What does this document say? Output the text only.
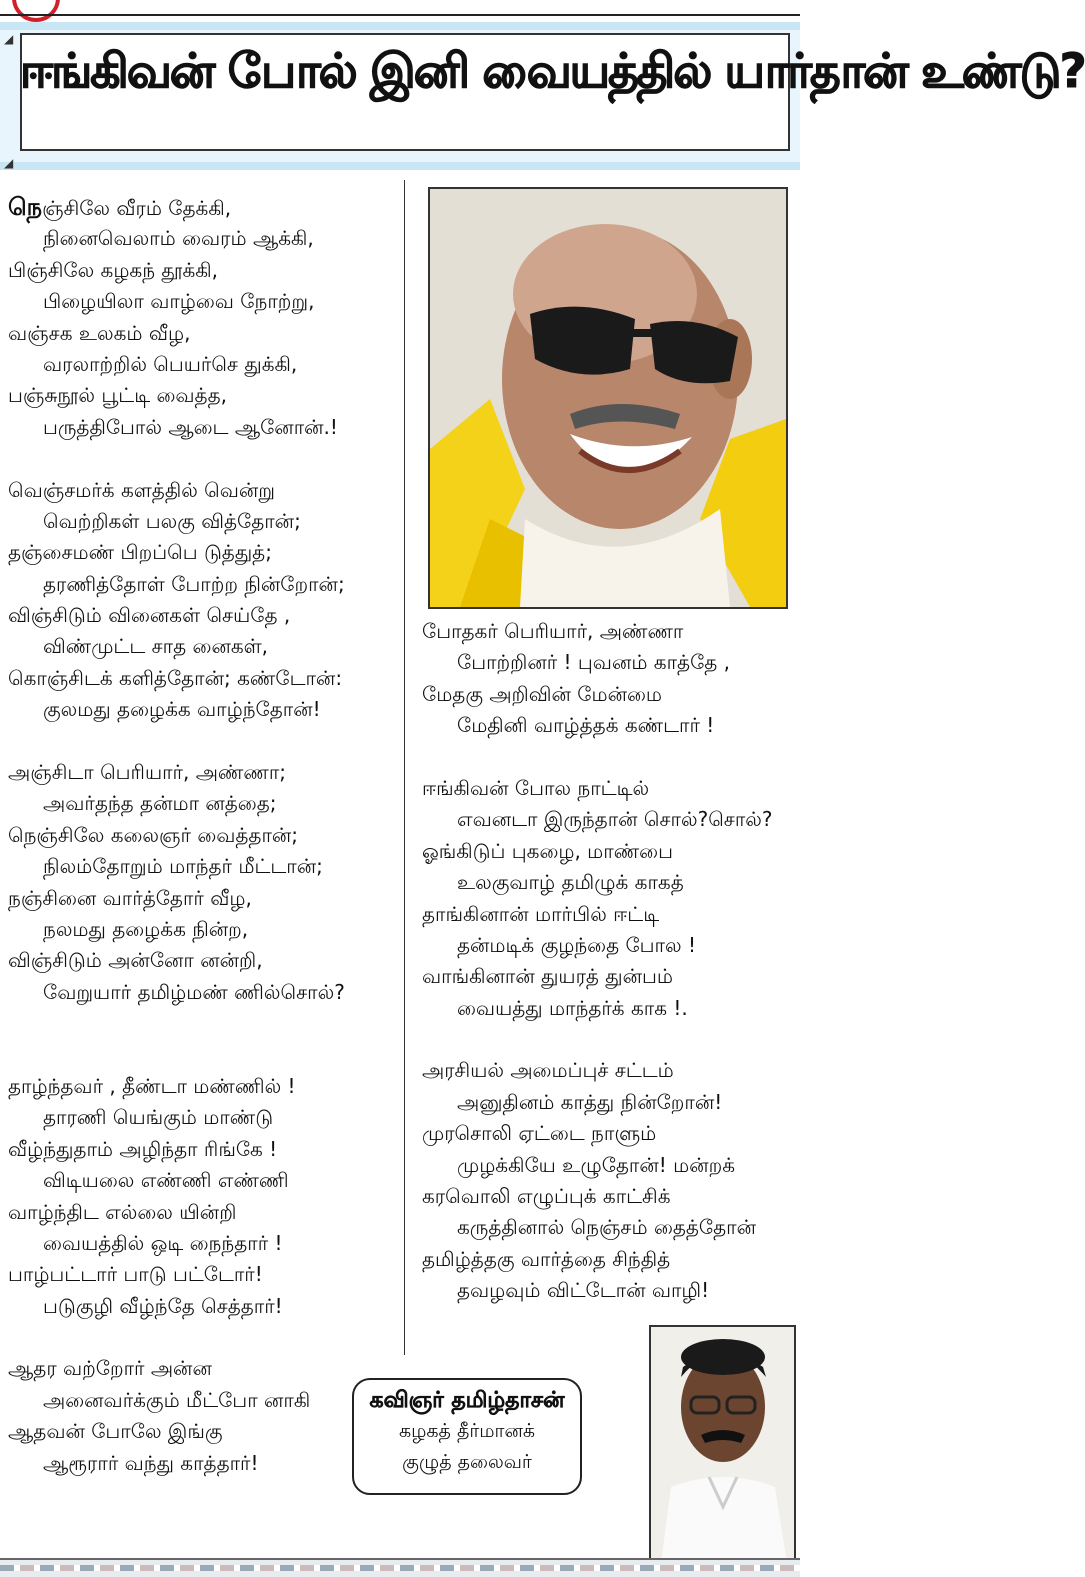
◢
◢
ஈங்கிவன் போல் இனி வையத்தில் யார்தான் உண்டு?
நெஞ்சிலே வீரம் தேக்கி,
நினைவெலாம் வைரம் ஆக்கி,
பிஞ்சிலே கழகந் தூக்கி,
பிழையிலா வாழ்வை நோற்று,
வஞ்சக உலகம் வீழ,
வரலாற்றில் பெயர்செ துக்கி,
பஞ்சுநூல் பூட்டி வைத்த,
பருத்திபோல் ஆடை ஆனோன்.!
வெஞ்சமர்க் களத்தில் வென்று
வெற்றிகள் பலகு வித்தோன்;
தஞ்சைமண் பிறப்பெ டுத்துத்;
தரணித்தோள் போற்ற நின்றோன்;
விஞ்சிடும் வினைகள் செய்தே ,
விண்முட்ட சாத னைகள்,
கொஞ்சிடக் களித்தோன்; கண்டோன்:
குலமது தழைக்க வாழ்ந்தோன்!
அஞ்சிடா பெரியார், அண்ணா;
அவர்தந்த தன்மா னத்தை;
நெஞ்சிலே கலைஞர் வைத்தான்;
நிலம்தோறும் மாந்தர் மீட்டான்;
நஞ்சினை வார்த்தோர் வீழ,
நலமது தழைக்க நின்ற,
விஞ்சிடும் அன்னோ னன்றி,
வேறுயார் தமிழ்மண் ணில்சொல்?
தாழ்ந்தவர் , தீண்டா மண்ணில் !
தாரணி யெங்கும் மாண்டு
வீழ்ந்துதாம் அழிந்தா ரிங்கே !
விடியலை எண்ணி எண்ணி
வாழ்ந்திட எல்லை யின்றி
வையத்தில் ஒடி நைந்தார் !
பாழ்பட்டார் பாடு பட்டோர்!
படுகுழி வீழ்ந்தே செத்தார்!
ஆதர வற்றோர் அன்ன
அனைவர்க்கும் மீட்போ னாகி
ஆதவன் போலே இங்கு
ஆரூரார் வந்து காத்தார்!
போதகர் பெரியார், அண்ணா
போற்றினர் ! புவனம் காத்தே ,
மேதகு அறிவின் மேன்மை
மேதினி வாழ்த்தக் கண்டார் !
ஈங்கிவன் போல நாட்டில்
எவனடா இருந்தான் சொல்?சொல்?
ஓங்கிடுப் புகழை, மாண்பை
உலகுவாழ் தமிழுக் காகத்
தாங்கினான் மார்பில் ஈட்டி
தன்மடிக் குழந்தை போல !
வாங்கினான் துயரத் துன்பம்
வையத்து மாந்தர்க் காக !.
அரசியல் அமைப்புச் சட்டம்
அனுதினம் காத்து நின்றோன்!
முரசொலி ஏட்டை நாளும்
முழக்கியே உழுதோன்! மன்றக்
கரவொலி எழுப்புக் காட்சிக்
கருத்தினால் நெஞ்சம் தைத்தோன்
தமிழ்த்தகு வார்த்தை சிந்தித்
தவழவும் விட்டோன் வாழி!
கவிஞர் தமிழ்தாசன்
கழகத் தீர்மானக்
குழுத் தலைவர்
